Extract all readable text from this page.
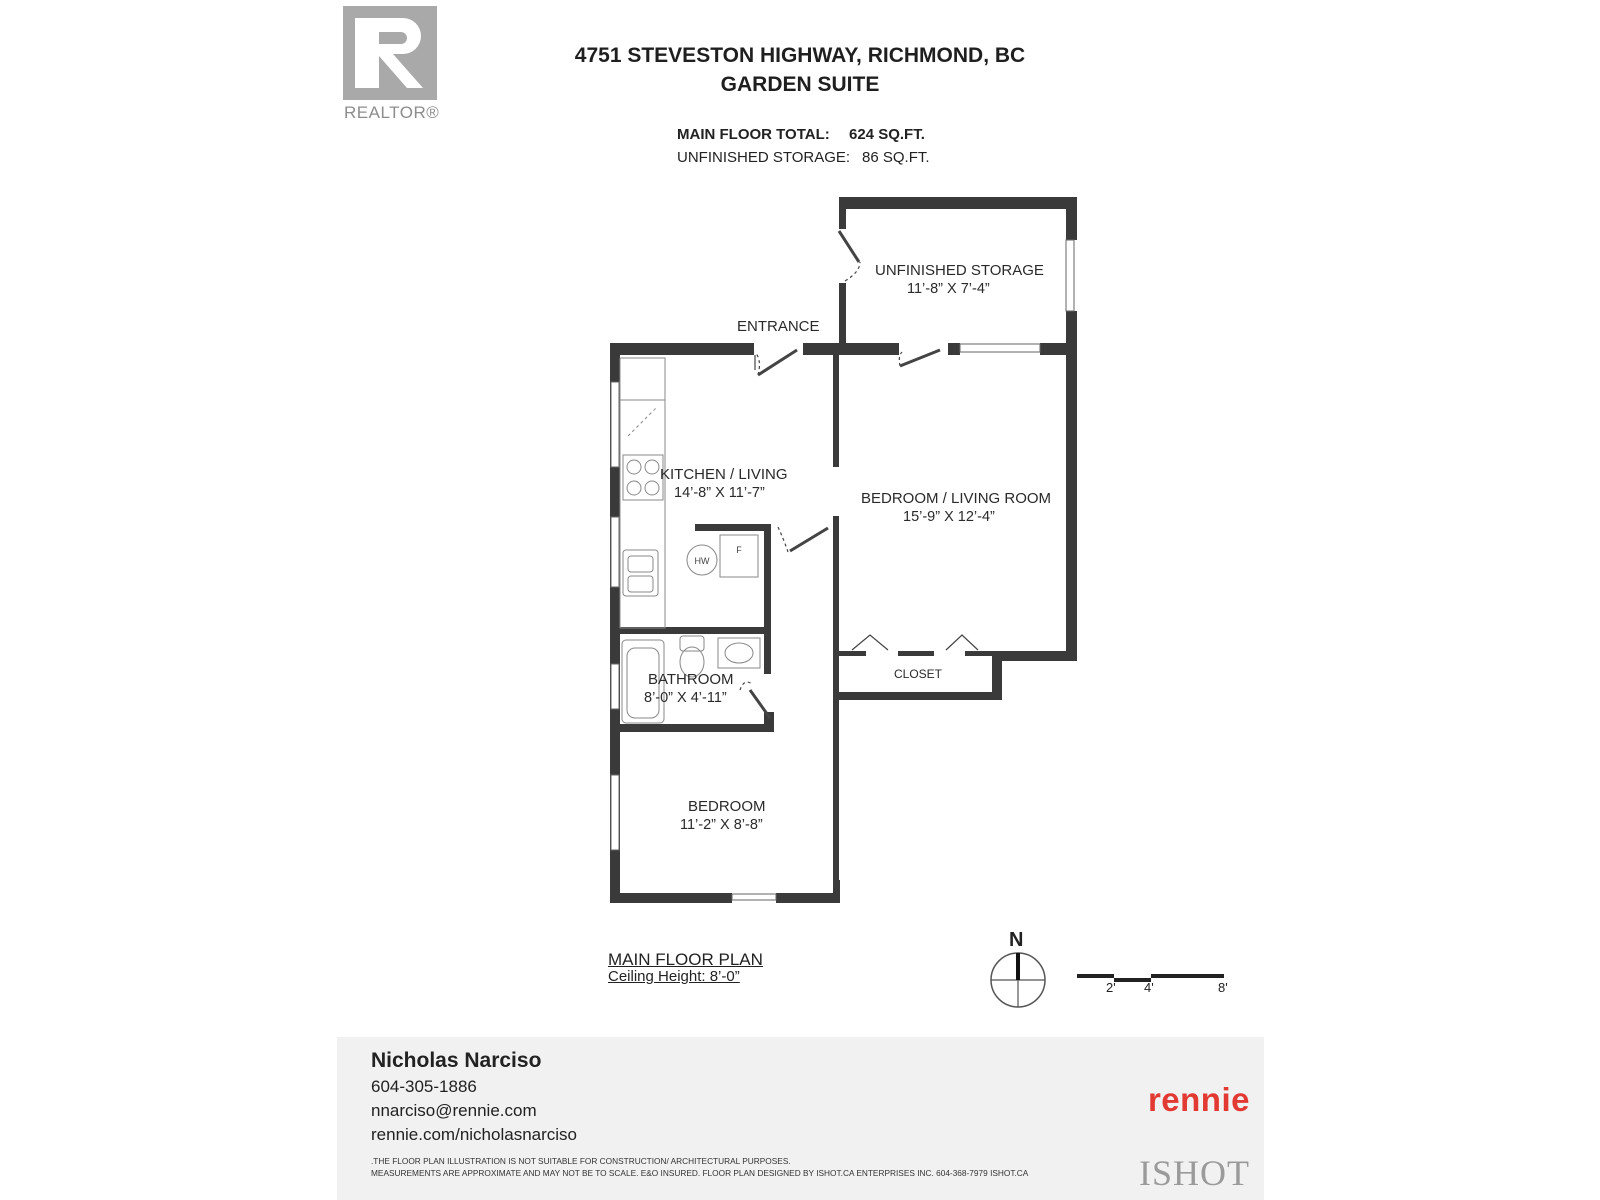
REALTOR®
4751 STEVESTON HIGHWAY, RICHMOND, BC
GARDEN SUITE
MAIN FLOOR TOTAL: 624 SQ.FT.
UNFINISHED STORAGE: 86 SQ.FT.
HW
F
UNFINISHED STORAGE
11’-8” X 7’-4”
ENTRANCE
KITCHEN / LIVING
14’-8” X 11’-7”	BEDROOM / LIVING ROOM
15’-9” X 12’-4”
CLOSET
BATHROOM
8’-0” X 4’-11”
BEDROOM
11’-2” X 8’-8”
MAIN FLOOR PLAN
Ceiling Height: 8’-0”
N
2' 4'	8'
Nicholas Narciso
604-305-1886
nnarciso@rennie.com
rennie.com/nicholasnarciso
rennie
.THE FLOOR PLAN ILLUSTRATION IS NOT SUITABLE FOR CONSTRUCTION/ ARCHITECTURAL PURPOSES.
MEASUREMENTS ARE APPROXIMATE AND MAY NOT BE TO SCALE. E&O INSURED. FLOOR PLAN DESIGNED BY ISHOT.CA ENTERPRISES INC. 604-368-7979 ISHOT.CA	ISHOT
